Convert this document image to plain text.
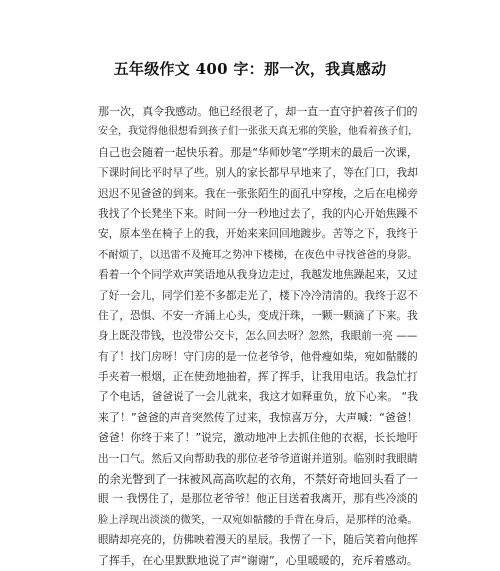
五年级作文 400 字：那一次，我真感动
那一次，真令我感动。他已经很老了，却一直一直守护着孩子们的
安全，我觉得他很想看到孩子们一张张天真无邪的笑脸，他看着孩子们，
自己也会随着一起快乐着。那是“华师妙笔”学期末的最后一次课，
下课时间比平时早了些。别人的家长都早早地来了，等在门口，我却
迟迟不见爸爸的到来。我在一张张陌生的面孔中穿梭，之后在电梯旁
我找了个长凳坐下来。时间一分一秒地过去了，我的内心开始焦躁不
安，原本坐在椅子上的我，开始来来回回地踱步。苦等之下，我终于
不耐烦了，以迅雷不及掩耳之势冲下楼梯，在夜色中寻找爸爸的身影。
看着一个个同学欢声笑语地从我身边走过，我越发地焦躁起来，又过
了好一会儿，同学们差不多都走光了，楼下冷冷清清的。我终于忍不
住了，恐惧、不安一齐涌上心头，变成汗珠，一颗一颗滴了下来。我
身上既没带钱，也没带公交卡，怎么回去呀？忽然，我眼前一亮 ——
有了！找门房呀！守门房的是一位老爷爷，他骨瘦如柴，宛如骷髅的
手夹着一根烟，正在使劲地抽着，挥了挥手，让我用电话。我急忙打
了个电话，爸爸说了一会儿就来，我这才如释重负，放下心来。 “我
来了！”爸爸的声音突然传了过来，我惊喜万分，大声喊：“爸爸！
爸爸！你终于来了！”说完，激动地冲上去抓住他的衣裾，长长地吁
出一口气。然后又向帮助我的那位老爷爷道谢并道别。临别时我眼睛
的余光瞥到了一抹被风高高吹起的衣角，不禁好奇地回头看了一
眼 一 我愣住了，是那位老爷爷！他正目送着我离开，那有些冷淡的
脸上浮现出淡淡的微笑，一双宛如骷髅的手背在身后，是那样的沧桑。
眼睛却亮亮的，仿佛映着漫天的星辰。我愣了一下，随后笑着向他挥
了挥手，在心里默默地说了声“谢谢”，心里暖暖的，充斥着感动。
